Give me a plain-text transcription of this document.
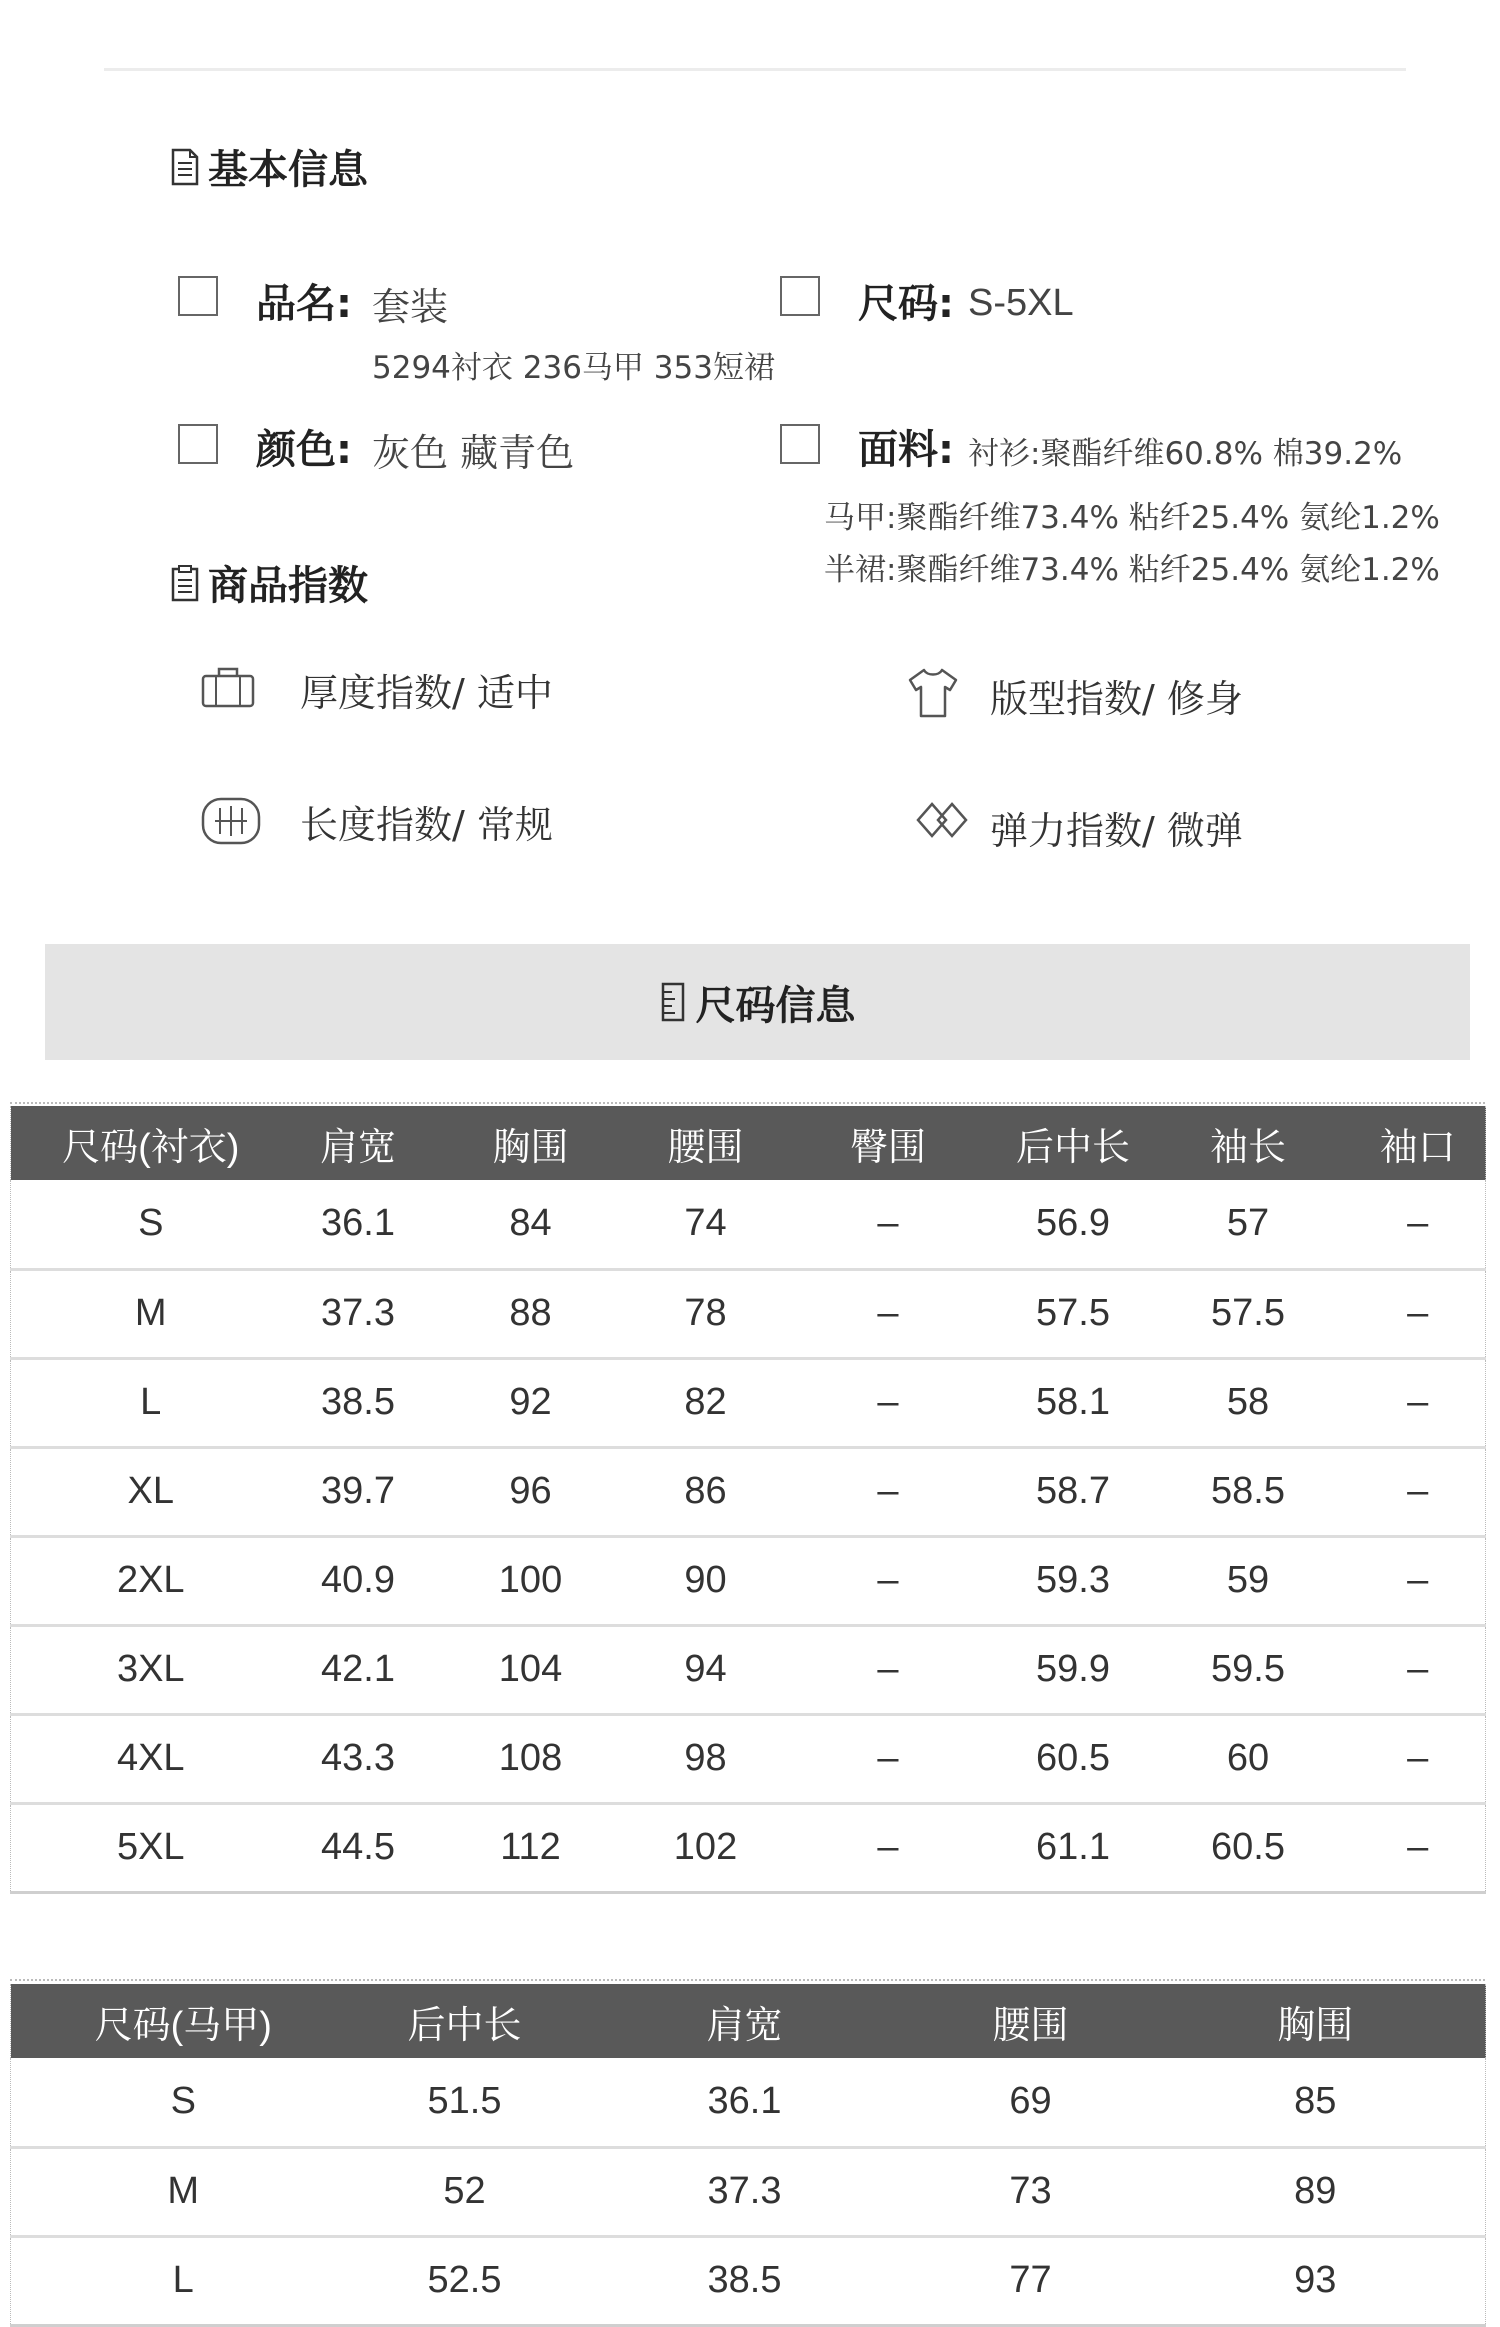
基本信息
品名: 套装
5294衬衣 236马甲 353短裙
尺码: S-5XL
颜色: 灰色 藏青色	面料: 衬衫:聚酯纤维60.8% 棉39.2%
马甲:聚酯纤维73.4% 粘纤25.4% 氨纶1.2%
半裙:聚酯纤维73.4% 粘纤25.4% 氨纶1.2%
商品指数
厚度指数/ 适中	版型指数/ 修身
长度指数/ 常规	弹力指数/ 微弹
尺码信息
尺码(衬衣)	肩宽	胸围	腰围	臀围	后中长	袖长	袖口
S	36.1	84	74	–	56.9	57	–
M	37.3	88	78	–	57.5	57.5	–
L	38.5	92	82	–	58.1	58	–
XL	39.7	96	86	–	58.7	58.5	–
2XL	40.9	100	90	–	59.3	59	–
3XL	42.1	104	94	–	59.9	59.5	–
4XL	43.3	108	98	–	60.5	60	–
5XL	44.5	112	102	–	61.1	60.5	–
尺码(马甲)	后中长	肩宽	腰围	胸围
S	51.5	36.1	69	85
M	52	37.3	73	89
L	52.5	38.5	77	93
